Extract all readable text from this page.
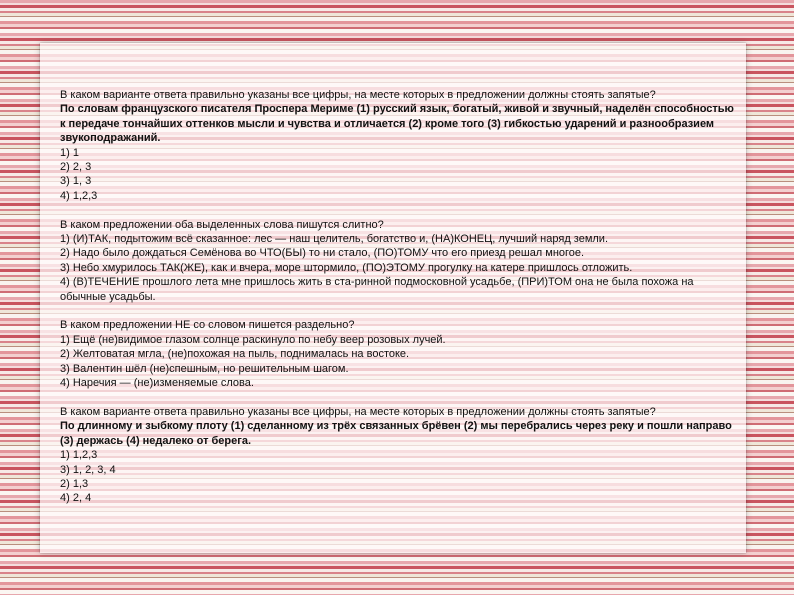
В каком варианте ответа правильно указаны все цифры, на месте которых в предложении должны стоять запятые?
По словам французского писателя Проспера Мериме (1) русский язык, богатый, живой и звучный, наделён способностью к передаче тончайших оттенков мысли и чувства и отличается (2) кроме того (3) гибкостью ударений и разнообразием звукоподражаний.
1) 1
2) 2, 3
3) 1, 3
4) 1,2,3
В каком предложении оба выделенных слова пишутся слитно?
1) (И)ТАК, подытожим всё сказанное: лес — наш целитель, богатство и, (НА)КОНЕЦ, лучший наряд земли.
2) Надо было дождаться Семёнова во ЧТО(БЫ) то ни стало, (ПО)ТОМУ что его приезд решал многое.
3) Небо хмурилось ТАК(ЖЕ), как и вчера, море штормило, (ПО)ЭТОМУ прогулку на катере пришлось отложить.
4) (В)ТЕЧЕНИЕ прошлого лета мне пришлось жить в ста-ринной подмосковной усадьбе, (ПРИ)ТОМ она не была похожа на обычные усадьбы.
В каком предложении НЕ со словом пишется раздельно?
1) Ещё (не)видимое глазом солнце раскинуло по небу веер розовых лучей.
2) Желтоватая мгла, (не)похожая на пыль, поднималась на востоке.
3) Валентин шёл (не)спешным, но решительным шагом.
4) Наречия — (не)изменяемые слова.
В каком варианте ответа правильно указаны все цифры, на месте которых в предложении должны стоять запятые?
По длинному и зыбкому плоту (1) сделанному из трёх связанных брёвен (2) мы перебрались через реку и пошли направо (3) держась (4) недалеко от берега.
1) 1,2,3
3) 1, 2, 3, 4
2) 1,3
4) 2, 4
